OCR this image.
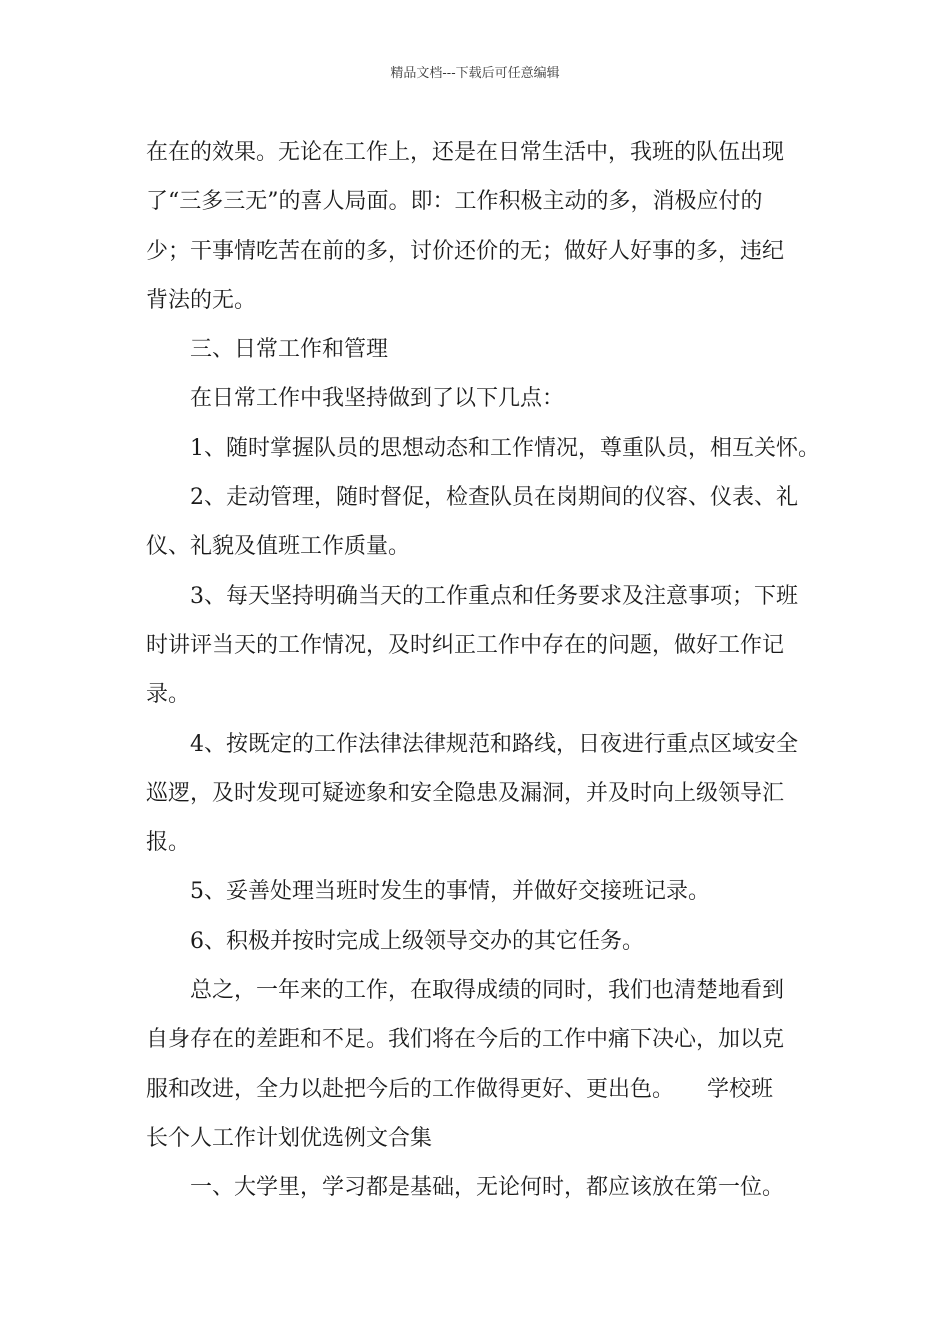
精品文档---下载后可任意编辑

在在的效果。无论在工作上，还是在日常生活中，我班的队伍出现
了“三多三无”的喜人局面。即：工作积极主动的多，消极应付的
少；干事情吃苦在前的多，讨价还价的无；做好人好事的多，违纪
背法的无。

三、日常工作和管理

在日常工作中我坚持做到了以下几点：

1、随时掌握队员的思想动态和工作情况，尊重队员，相互关怀。

2、走动管理，随时督促，检查队员在岗期间的仪容、仪表、礼
仪、礼貌及值班工作质量。

3、每天坚持明确当天的工作重点和任务要求及注意事项；下班
时讲评当天的工作情况，及时纠正工作中存在的问题，做好工作记
录。

4、按既定的工作法律法律规范和路线，日夜进行重点区域安全
巡逻，及时发现可疑迹象和安全隐患及漏洞，并及时向上级领导汇
报。

5、妥善处理当班时发生的事情，并做好交接班记录。

6、积极并按时完成上级领导交办的其它任务。

总之，一年来的工作，在取得成绩的同时，我们也清楚地看到
自身存在的差距和不足。我们将在今后的工作中痛下决心，加以克
服和改进，全力以赴把今后的工作做得更好、更出色。　　学校班
长个人工作计划优选例文合集

一、大学里，学习都是基础，无论何时，都应该放在第一位。
